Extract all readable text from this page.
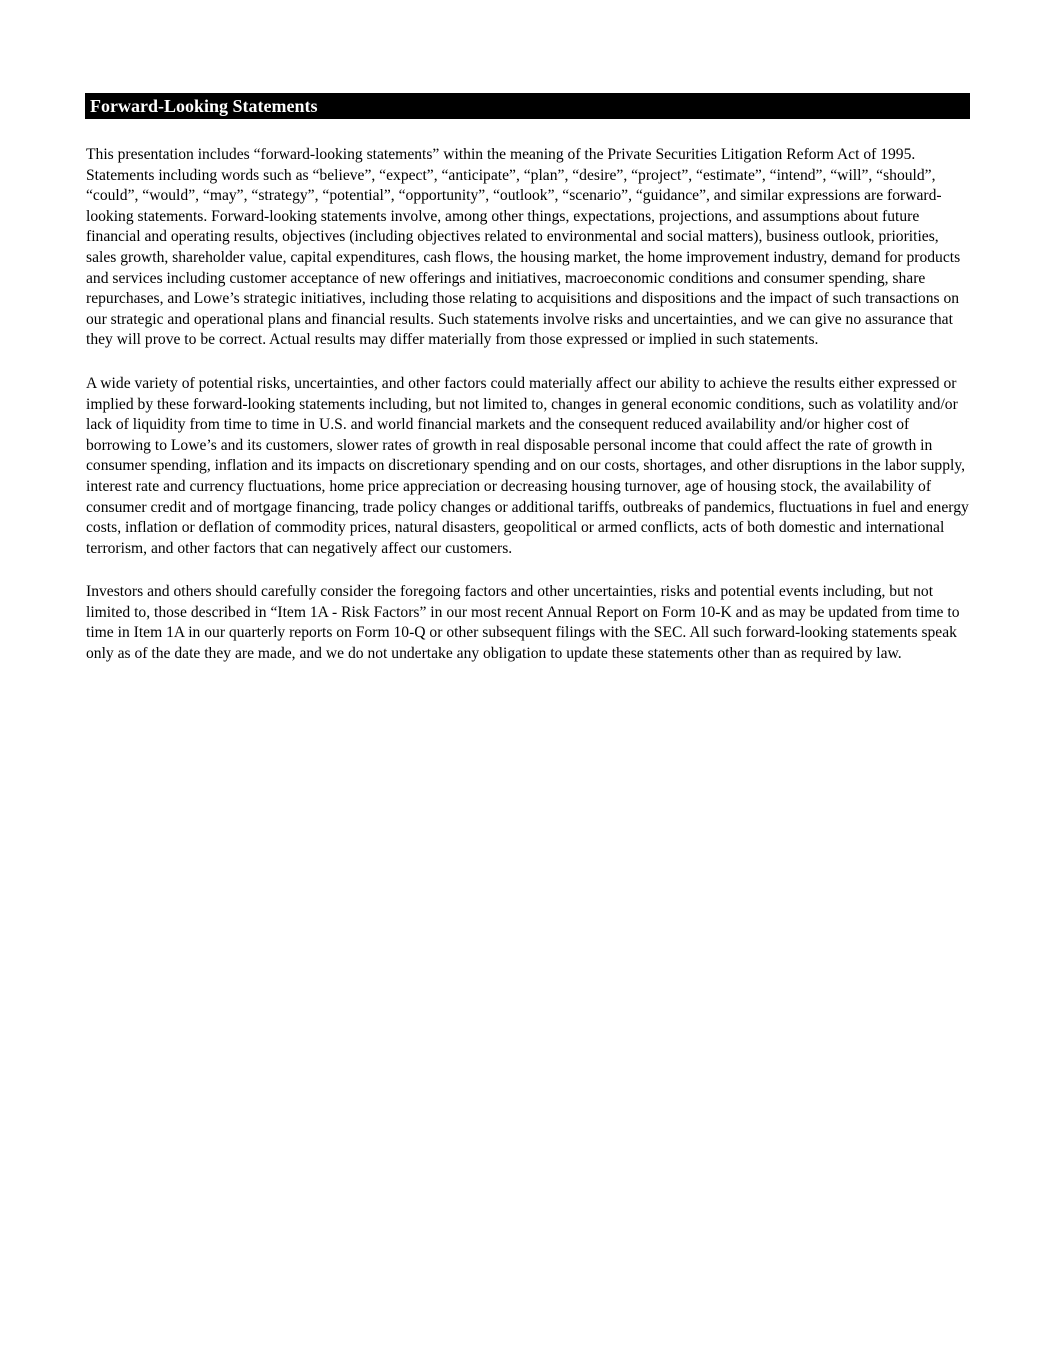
Forward-Looking Statements

This presentation includes “forward-looking statements” within the meaning of the Private Securities Litigation Reform Act of 1995. Statements including words such as “believe”, “expect”, “anticipate”, “plan”, “desire”, “project”, “estimate”, “intend”, “will”, “should”, “could”, “would”, “may”, “strategy”, “potential”, “opportunity”, “outlook”, “scenario”, “guidance”, and similar expressions are forward-looking statements. Forward-looking statements involve, among other things, expectations, projections, and assumptions about future financial and operating results, objectives (including objectives related to environmental and social matters), business outlook, priorities, sales growth, shareholder value, capital expenditures, cash flows, the housing market, the home improvement industry, demand for products and services including customer acceptance of new offerings and initiatives, macroeconomic conditions and consumer spending, share repurchases, and Lowe’s strategic initiatives, including those relating to acquisitions and dispositions and the impact of such transactions on our strategic and operational plans and financial results. Such statements involve risks and uncertainties, and we can give no assurance that they will prove to be correct. Actual results may differ materially from those expressed or implied in such statements.

A wide variety of potential risks, uncertainties, and other factors could materially affect our ability to achieve the results either expressed or implied by these forward-looking statements including, but not limited to, changes in general economic conditions, such as volatility and/or lack of liquidity from time to time in U.S. and world financial markets and the consequent reduced availability and/or higher cost of borrowing to Lowe’s and its customers, slower rates of growth in real disposable personal income that could affect the rate of growth in consumer spending, inflation and its impacts on discretionary spending and on our costs, shortages, and other disruptions in the labor supply, interest rate and currency fluctuations, home price appreciation or decreasing housing turnover, age of housing stock, the availability of consumer credit and of mortgage financing, trade policy changes or additional tariffs, outbreaks of pandemics, fluctuations in fuel and energy costs, inflation or deflation of commodity prices, natural disasters, geopolitical or armed conflicts, acts of both domestic and international terrorism, and other factors that can negatively affect our customers.

Investors and others should carefully consider the foregoing factors and other uncertainties, risks and potential events including, but not limited to, those described in “Item 1A - Risk Factors” in our most recent Annual Report on Form 10-K and as may be updated from time to time in Item 1A in our quarterly reports on Form 10-Q or other subsequent filings with the SEC. All such forward-looking statements speak only as of the date they are made, and we do not undertake any obligation to update these statements other than as required by law.
